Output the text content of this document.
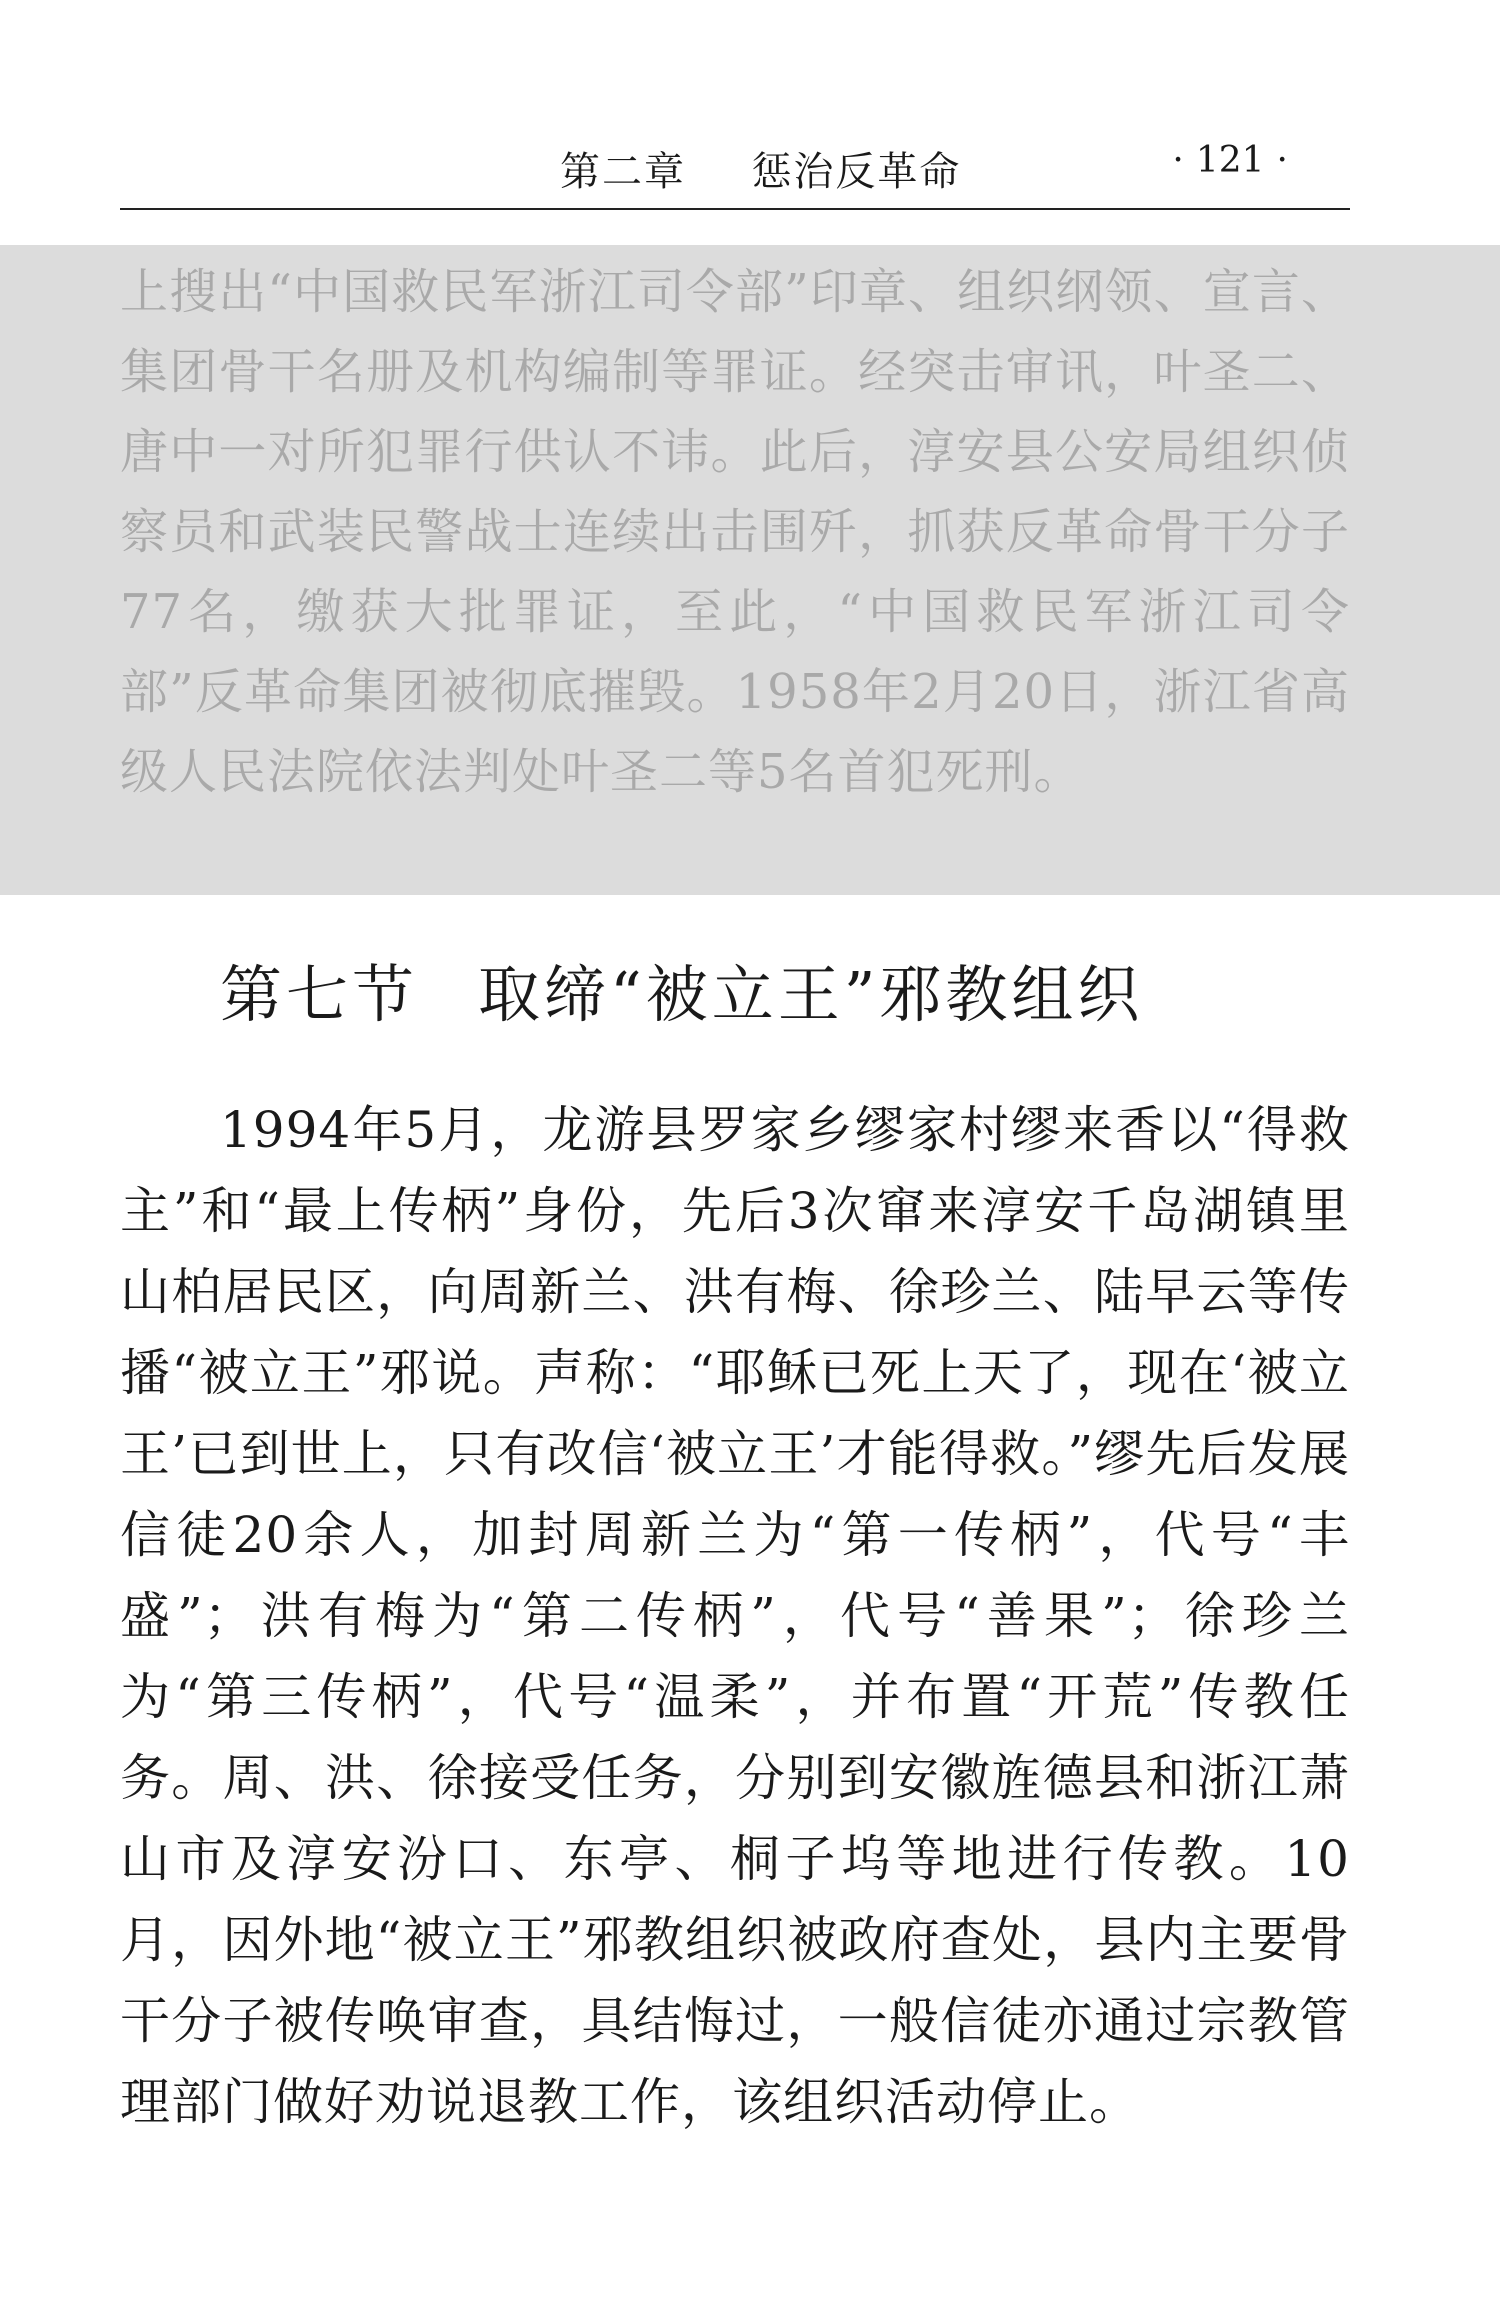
第二章 惩治反革命	· 121 ·

上搜出“中国救民军浙江司令部”印章、组织纲领、宣言、集团骨干名册及机构编制等罪证。经突击审讯，叶圣二、唐中一对所犯罪行供认不讳。此后，淳安县公安局组织侦察员和武装民警战士连续出击围歼，抓获反革命骨干分子77名，缴获大批罪证，至此，“中国救民军浙江司令部”反革命集团被彻底摧毁。1958年2月20日，浙江省高级人民法院依法判处叶圣二等5名首犯死刑。

第七节 取缔“被立王”邪教组织

1994年5月，龙游县罗家乡缪家村缪来香以“得救主”和“最上传柄”身份，先后3次窜来淳安千岛湖镇里山柏居民区，向周新兰、洪有梅、徐珍兰、陆早云等传播“被立王”邪说。声称：“耶稣已死上天了，现在‘被立王’已到世上，只有改信‘被立王’才能得救。”缪先后发展信徒20余人，加封周新兰为“第一传柄”，代号“丰盛”；洪有梅为“第二传柄”，代号“善果”；徐珍兰为“第三传柄”，代号“温柔”，并布置“开荒”传教任务。周、洪、徐接受任务，分别到安徽旌德县和浙江萧山市及淳安汾口、东亭、桐子坞等地进行传教。10月，因外地“被立王”邪教组织被政府查处，县内主要骨干分子被传唤审查，具结悔过，一般信徒亦通过宗教管理部门做好劝说退教工作，该组织活动停止。
